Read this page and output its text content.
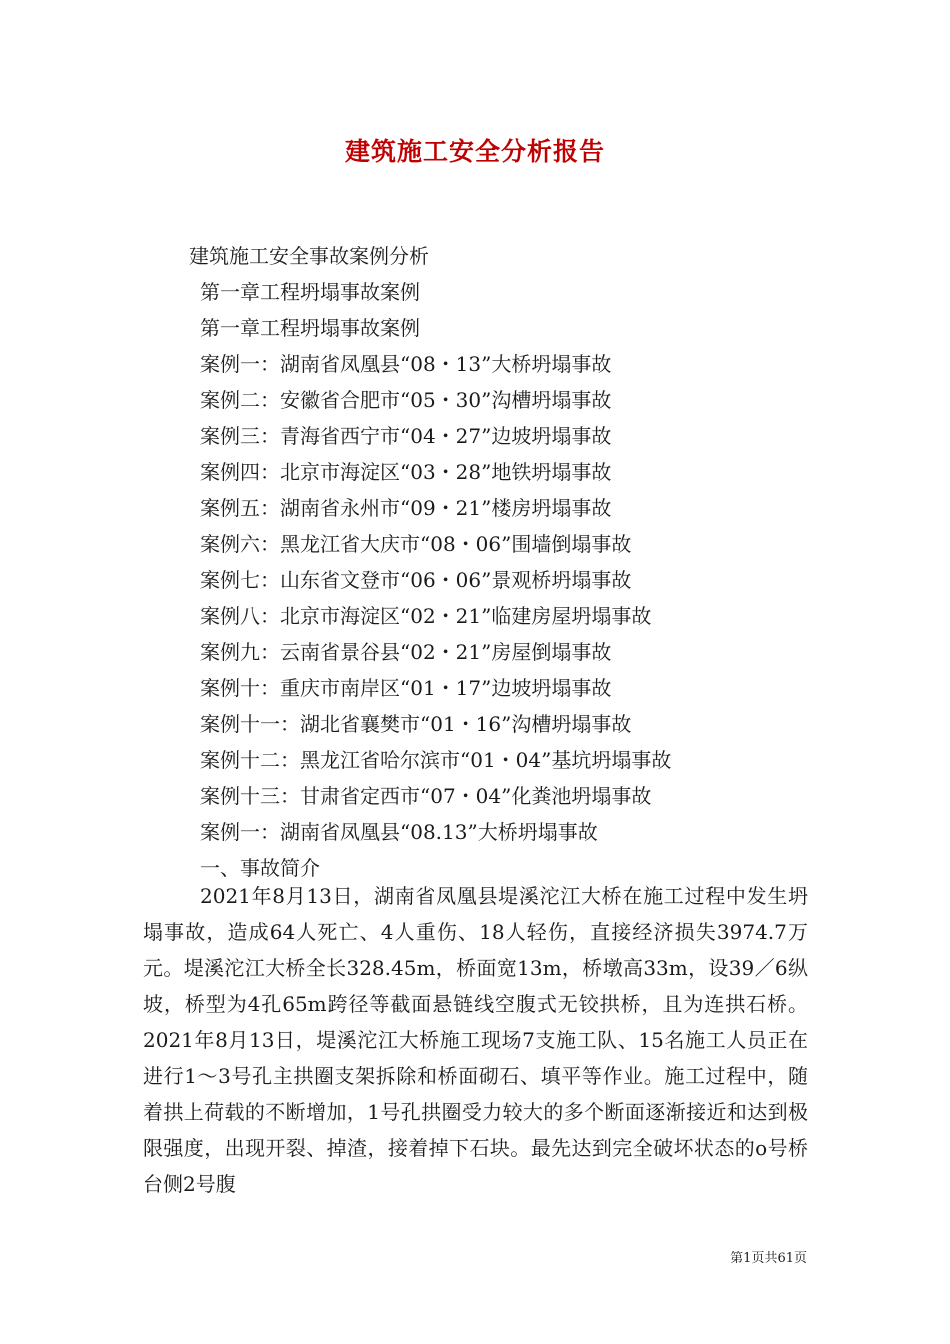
建筑施工安全分析报告
建筑施工安全事故案例分析
第一章工程坍塌事故案例
第一章工程坍塌事故案例
案例一：湖南省凤凰县“08・13”大桥坍塌事故
案例二：安徽省合肥市“05・30”沟槽坍塌事故
案例三：青海省西宁市“04・27”边坡坍塌事故
案例四：北京市海淀区“03・28”地铁坍塌事故
案例五：湖南省永州市“09・21”楼房坍塌事故
案例六：黑龙江省大庆市“08・06”围墙倒塌事故
案例七：山东省文登市“06・06”景观桥坍塌事故
案例八：北京市海淀区“02・21”临建房屋坍塌事故
案例九：云南省景谷县“02・21”房屋倒塌事故
案例十：重庆市南岸区“01・17”边坡坍塌事故
案例十一：湖北省襄樊市“01・16”沟槽坍塌事故
案例十二：黑龙江省哈尔滨市“01・04”基坑坍塌事故
案例十三：甘肃省定西市“07・04”化粪池坍塌事故
案例一：湖南省凤凰县“08.13”大桥坍塌事故
一、事故简介
2021年8月13日，湖南省凤凰县堤溪沱江大桥在施工过程中发生坍塌事故，造成64人死亡、4人重伤、18人轻伤，直接经济损失3974.7万元。堤溪沱江大桥全长328.45m，桥面宽13m，桥墩高33m，设39／6纵坡，桥型为4孔65m跨径等截面悬链线空腹式无铰拱桥，且为连拱石桥。2021年8月13日，堤溪沱江大桥施工现场7支施工队、15名施工人员正在进行1～3号孔主拱圈支架拆除和桥面砌石、填平等作业。施工过程中，随着拱上荷载的不断增加，1号孔拱圈受力较大的多个断面逐渐接近和达到极限强度，出现开裂、掉渣，接着掉下石块。最先达到完全破坏状态的o号桥台侧2号腹
第1页共61页
